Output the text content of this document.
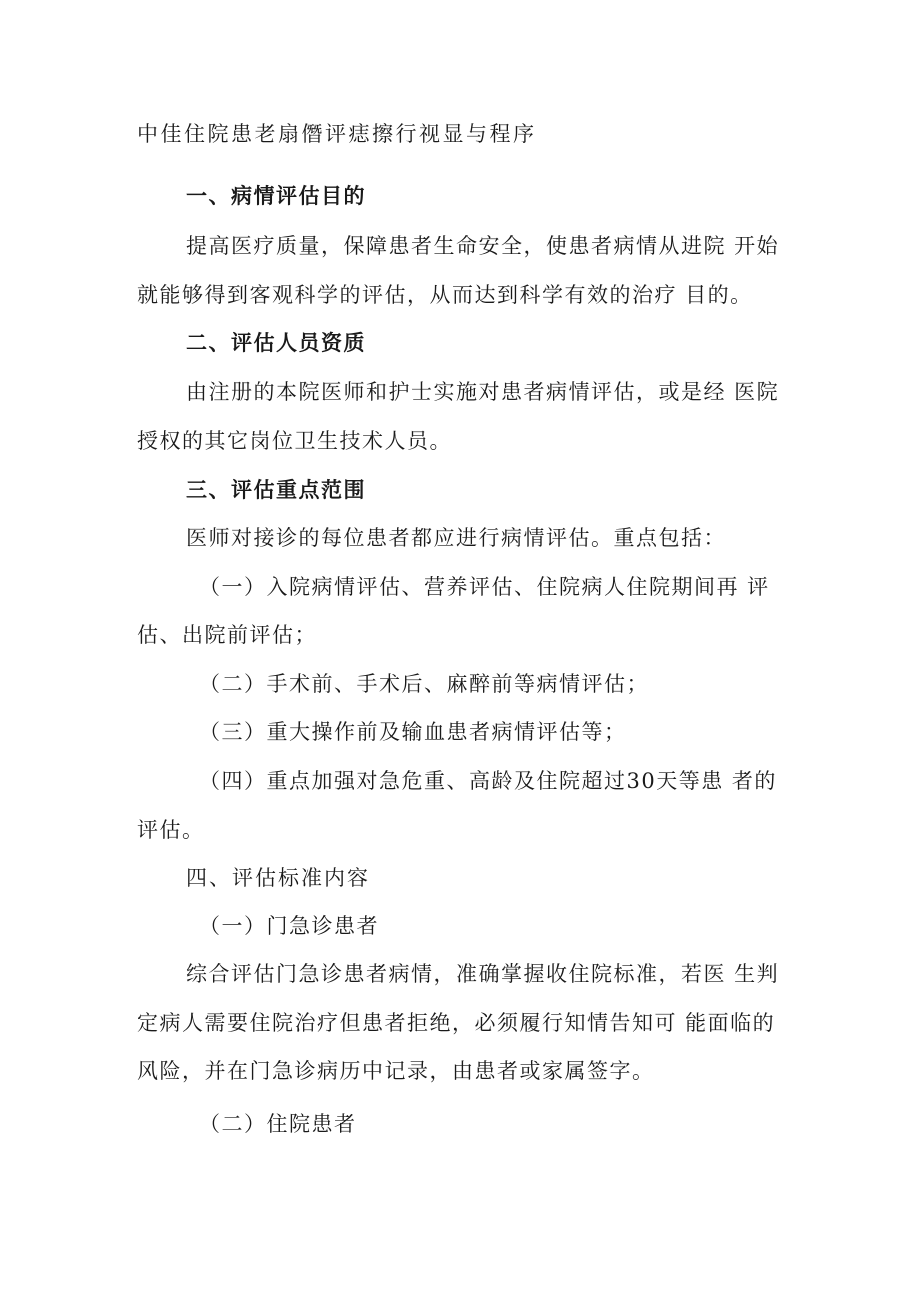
中佳住院患老扇僭评痣擦行视显与程序
一、病情评估目的
提高医疗质量，保障患者生命安全，使患者病情从进院 开始
就能够得到客观科学的评估，从而达到科学有效的治疗 目的。
二、评估人员资质
由注册的本院医师和护士实施对患者病情评估，或是经 医院
授权的其它岗位卫生技术人员。
三、评估重点范围
医师对接诊的每位患者都应进行病情评估。重点包括：
（一）入院病情评估、营养评估、住院病人住院期间再 评
估、出院前评估；
（二）手术前、手术后、麻醉前等病情评估；
（三）重大操作前及输血患者病情评估等；
（四）重点加强对急危重、高龄及住院超过30天等患 者的
评估。
四、评估标准内容
（一）门急诊患者
综合评估门急诊患者病情，准确掌握收住院标准，若医 生判
定病人需要住院治疗但患者拒绝，必须履行知情告知可 能面临的
风险，并在门急诊病历中记录，由患者或家属签字。
（二）住院患者
